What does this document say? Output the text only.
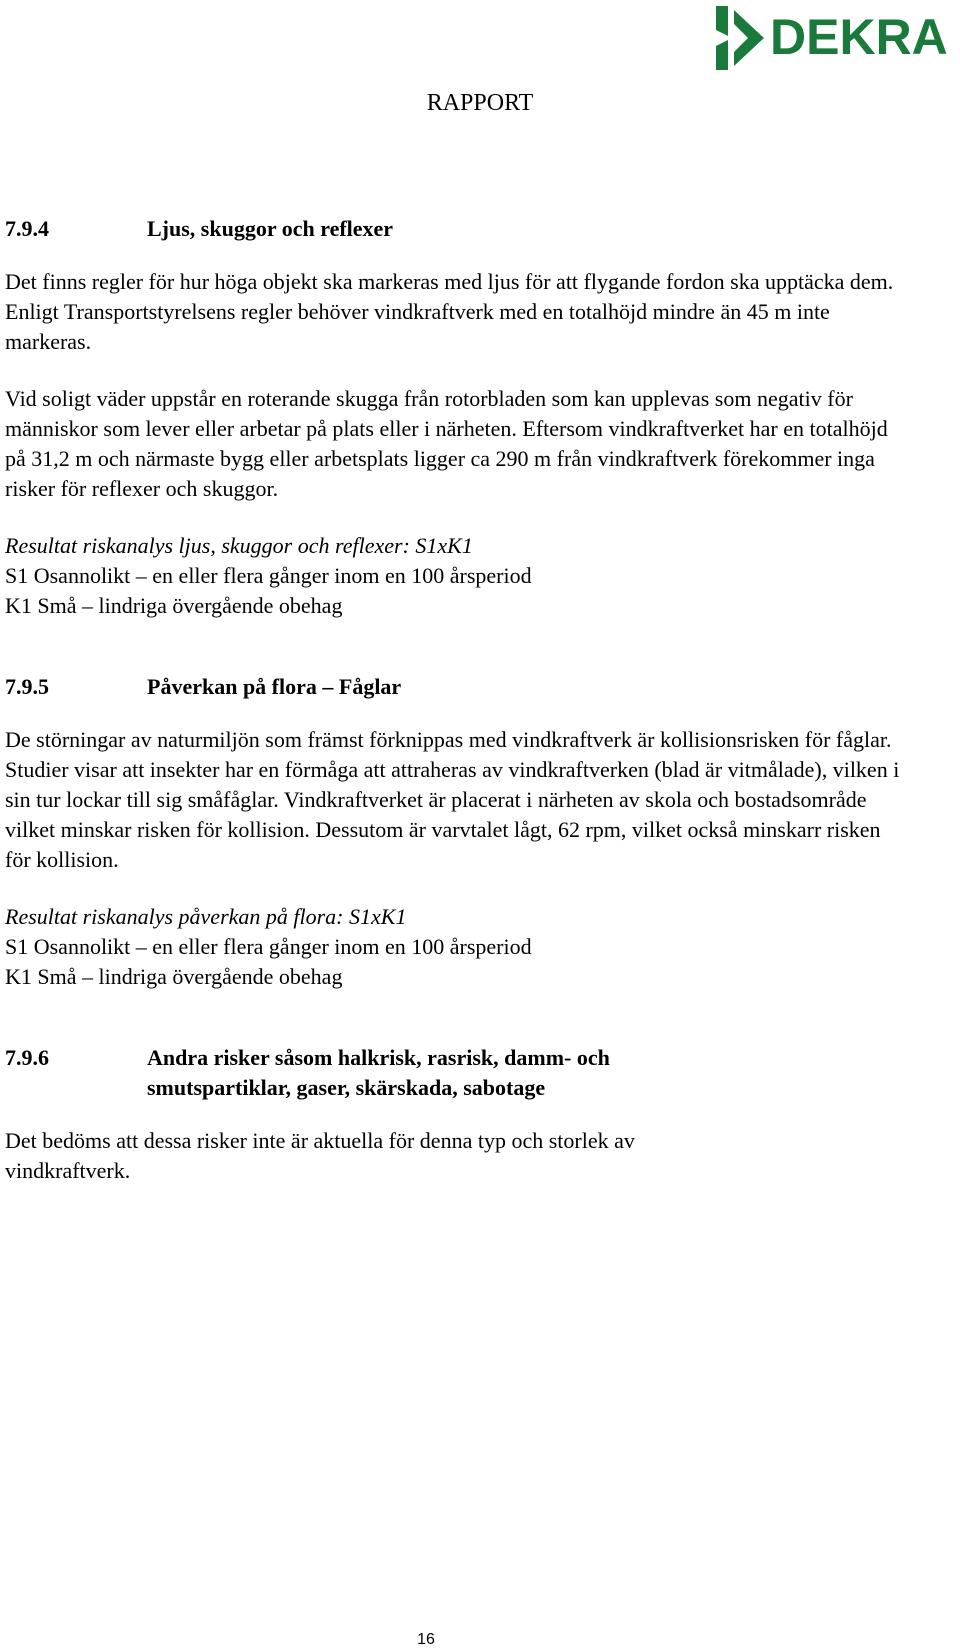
DEKRA
RAPPORT
7.9.4	Ljus, skuggor och reflexer

Det finns regler för hur höga objekt ska markeras med ljus för att flygande fordon ska upptäcka dem. Enligt Transportstyrelsens regler behöver vindkraftverk med en totalhöjd mindre än 45 m inte markeras.

Vid soligt väder uppstår en roterande skugga från rotorbladen som kan upplevas som negativ för människor som lever eller arbetar på plats eller i närheten. Eftersom vindkraftverket har en totalhöjd på 31,2 m och närmaste bygg eller arbetsplats ligger ca 290 m från vindkraftverk förekommer inga risker för reflexer och skuggor.

Resultat riskanalys ljus, skuggor och reflexer: S1xK1

S1 Osannolikt – en eller flera gånger inom en 100 årsperiod

K1 Små – lindriga övergående obehag

7.9.5	Påverkan på flora – Fåglar

De störningar av naturmiljön som främst förknippas med vindkraftverk är kollisionsrisken för fåglar. Studier visar att insekter har en förmåga att attraheras av vindkraftverken (blad är vitmålade), vilken i sin tur lockar till sig småfåglar. Vindkraftverket är placerat i närheten av skola och bostadsområde vilket minskar risken för kollision. Dessutom är varvtalet lågt, 62 rpm, vilket också minskarr risken för kollision.

Resultat riskanalys påverkan på flora: S1xK1

S1 Osannolikt – en eller flera gånger inom en 100 årsperiod

K1 Små – lindriga övergående obehag

7.9.6	Andra risker såsom halkrisk, rasrisk, damm- och smutspartiklar, gaser, skärskada, sabotage

Det bedöms att dessa risker inte är aktuella för denna typ och storlek av vindkraftverk.

16
